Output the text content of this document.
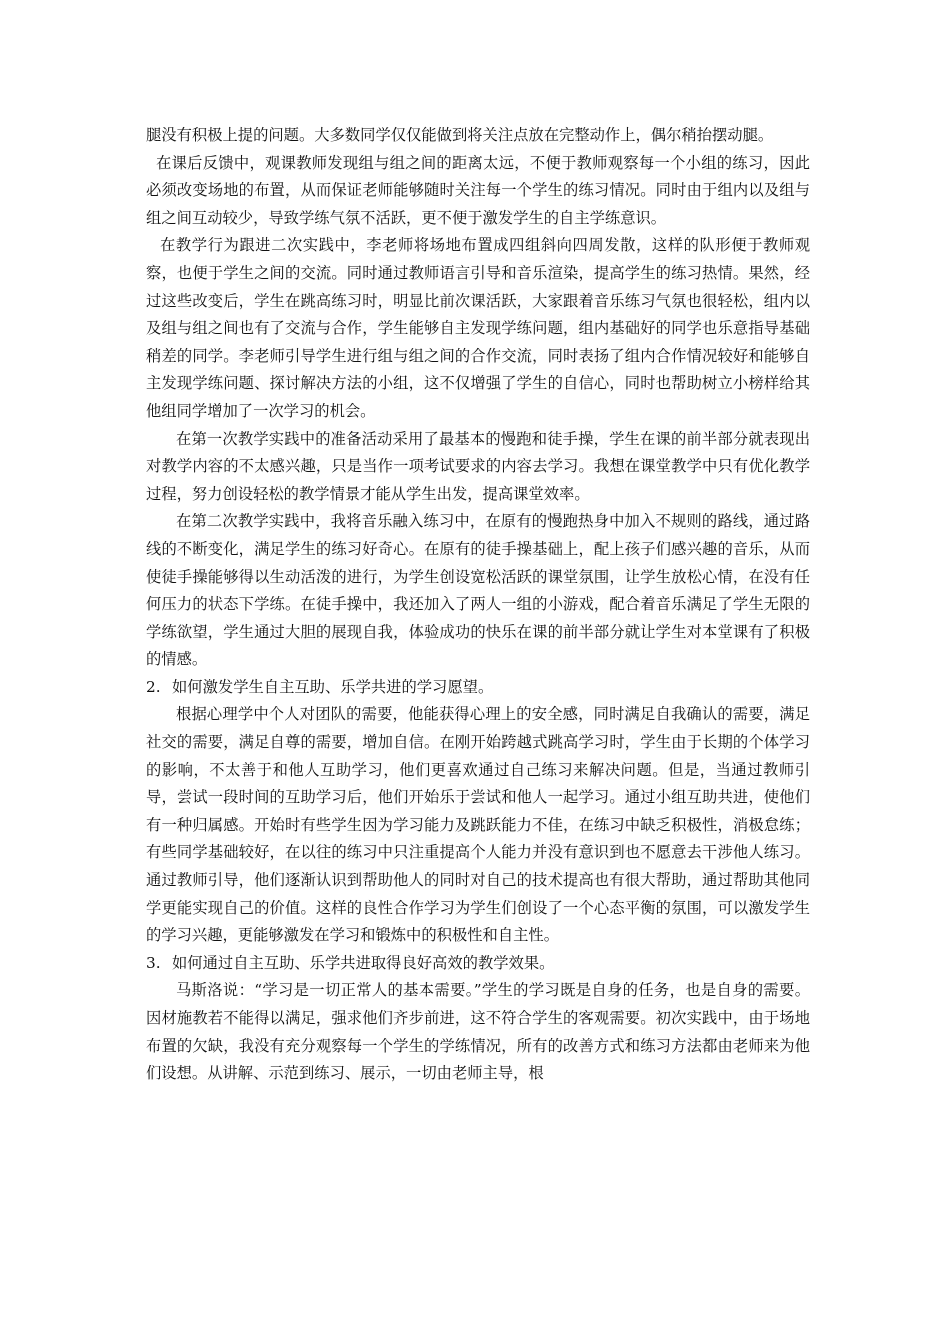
腿没有积极上提的问题。大多数同学仅仅能做到将关注点放在完整动作上，偶尔稍抬摆动腿。

在课后反馈中，观课教师发现组与组之间的距离太远，不便于教师观察每一个小组的练习，因此必须改变场地的布置，从而保证老师能够随时关注每一个学生的练习情况。同时由于组内以及组与组之间互动较少，导致学练气氛不活跃，更不便于激发学生的自主学练意识。

在教学行为跟进二次实践中，李老师将场地布置成四组斜向四周发散，这样的队形便于教师观察，也便于学生之间的交流。同时通过教师语言引导和音乐渲染，提高学生的练习热情。果然，经过这些改变后，学生在跳高练习时，明显比前次课活跃，大家跟着音乐练习气氛也很轻松，组内以及组与组之间也有了交流与合作，学生能够自主发现学练问题，组内基础好的同学也乐意指导基础稍差的同学。李老师引导学生进行组与组之间的合作交流，同时表扬了组内合作情况较好和能够自主发现学练问题、探讨解决方法的小组，这不仅增强了学生的自信心，同时也帮助树立小榜样给其他组同学增加了一次学习的机会。

在第一次教学实践中的准备活动采用了最基本的慢跑和徒手操，学生在课的前半部分就表现出对教学内容的不太感兴趣，只是当作一项考试要求的内容去学习。我想在课堂教学中只有优化教学过程，努力创设轻松的教学情景才能从学生出发，提高课堂效率。

在第二次教学实践中，我将音乐融入练习中，在原有的慢跑热身中加入不规则的路线，通过路线的不断变化，满足学生的练习好奇心。在原有的徒手操基础上，配上孩子们感兴趣的音乐，从而使徒手操能够得以生动活泼的进行，为学生创设宽松活跃的课堂氛围，让学生放松心情，在没有任何压力的状态下学练。在徒手操中，我还加入了两人一组的小游戏，配合着音乐满足了学生无限的学练欲望，学生通过大胆的展现自我，体验成功的快乐在课的前半部分就让学生对本堂课有了积极的情感。

2. 如何激发学生自主互助、乐学共进的学习愿望。

根据心理学中个人对团队的需要，他能获得心理上的安全感，同时满足自我确认的需要，满足社交的需要，满足自尊的需要，增加自信。在刚开始跨越式跳高学习时，学生由于长期的个体学习的影响，不太善于和他人互助学习，他们更喜欢通过自己练习来解决问题。但是，当通过教师引导，尝试一段时间的互助学习后，他们开始乐于尝试和他人一起学习。通过小组互助共进，使他们有一种归属感。开始时有些学生因为学习能力及跳跃能力不佳，在练习中缺乏积极性，消极怠练；有些同学基础较好，在以往的练习中只注重提高个人能力并没有意识到也不愿意去干涉他人练习。通过教师引导，他们逐渐认识到帮助他人的同时对自己的技术提高也有很大帮助，通过帮助其他同学更能实现自己的价值。这样的良性合作学习为学生们创设了一个心态平衡的氛围，可以激发学生的学习兴趣，更能够激发在学习和锻炼中的积极性和自主性。

3. 如何通过自主互助、乐学共进取得良好高效的教学效果。

马斯洛说：“学习是一切正常人的基本需要。”学生的学习既是自身的任务，也是自身的需要。因材施教若不能得以满足，强求他们齐步前进，这不符合学生的客观需要。初次实践中，由于场地布置的欠缺，我没有充分观察每一个学生的学练情况，所有的改善方式和练习方法都由老师来为他们设想。从讲解、示范到练习、展示，一切由老师主导，根
